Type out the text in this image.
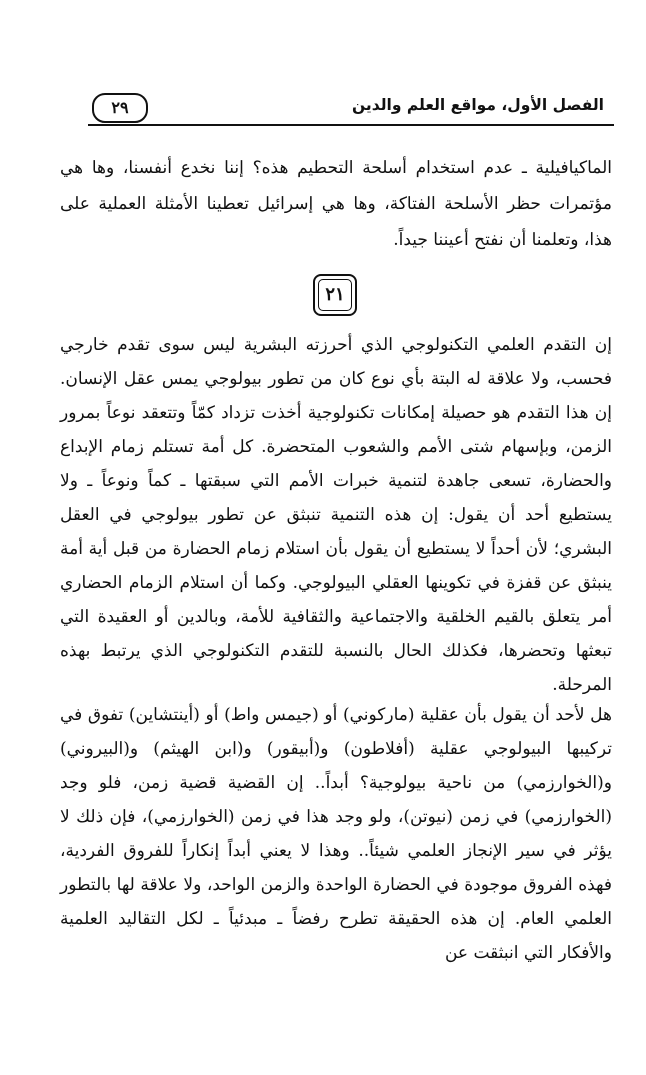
الفصل الأول، مواقع العلم والدين
٢٩

الماكيافيلية ـ عدم استخدام أسلحة التحطيم هذه؟ إننا نخدع أنفسنا، وها هي مؤتمرات حظر الأسلحة الفتاكة، وها هي إسرائيل تعطينا الأمثلة العملية على هذا، وتعلمنا أن نفتح أعيننا جيداً.

٢١

إن التقدم العلمي التكنولوجي الذي أحرزته البشرية ليس سوى تقدم خارجي فحسب، ولا علاقة له البتة بأي نوع كان من تطور بيولوجي يمس عقل الإنسان. إن هذا التقدم هو حصيلة إمكانات تكنولوجية أخذت تزداد كمّاً وتتعقد نوعاً بمرور الزمن، وبإسهام شتى الأمم والشعوب المتحضرة. كل أمة تستلم زمام الإبداع والحضارة، تسعى جاهدة لتنمية خبرات الأمم التي سبقتها ـ كماً ونوعاً ـ ولا يستطيع أحد أن يقول: إن هذه التنمية تنبثق عن تطور بيولوجي في العقل البشري؛ لأن أحداً لا يستطيع أن يقول بأن استلام زمام الحضارة من قبل أية أمة ينبثق عن قفزة في تكوينها العقلي البيولوجي. وكما أن استلام الزمام الحضاري أمر يتعلق بالقيم الخلقية والاجتماعية والثقافية للأمة، وبالدين أو العقيدة التي تبعثها وتحضرها، فكذلك الحال بالنسبة للتقدم التكنولوجي الذي يرتبط بهذه المرحلة.

هل لأحد أن يقول بأن عقلية (ماركوني) أو (جيمس واط) أو (أينتشاين) تفوق في تركيبها البيولوجي عقلية (أفلاطون) و(أبيقور) و(ابن الهيثم) و(البيروني) و(الخوارزمي) من ناحية بيولوجية؟ أبداً.. إن القضية قضية زمن، فلو وجد (الخوارزمي) في زمن (نيوتن)، ولو وجد هذا في زمن (الخوارزمي)، فإن ذلك لا يؤثر في سير الإنجاز العلمي شيئاً.. وهذا لا يعني أبداً إنكاراً للفروق الفردية، فهذه الفروق موجودة في الحضارة الواحدة والزمن الواحد، ولا علاقة لها بالتطور العلمي العام. إن هذه الحقيقة تطرح رفضاً ـ مبدئياً ـ لكل التقاليد العلمية والأفكار التي انبثقت عن
